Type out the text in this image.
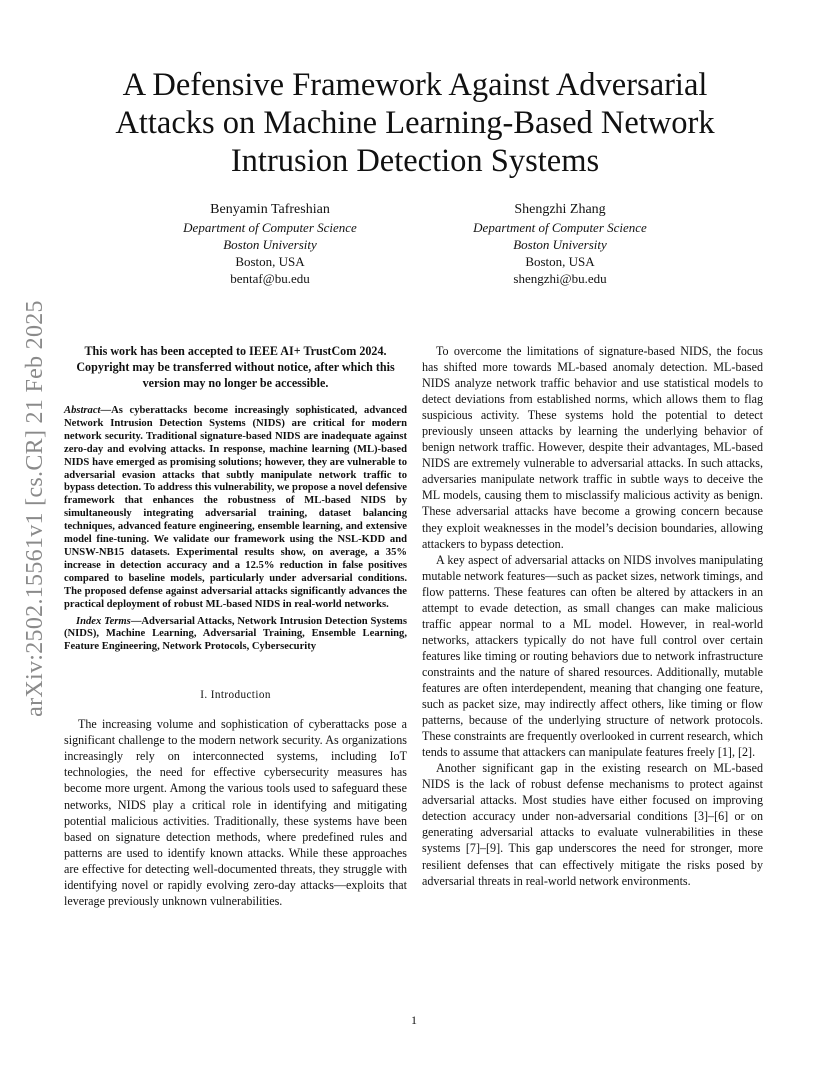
arXiv:2502.15561v1 [cs.CR] 21 Feb 2025
A Defensive Framework Against Adversarial Attacks on Machine Learning-Based Network Intrusion Detection Systems
Benyamin Tafreshian
Department of Computer Science
Boston University
Boston, USA
bentaf@bu.edu
Shengzhi Zhang
Department of Computer Science
Boston University
Boston, USA
shengzhi@bu.edu
This work has been accepted to IEEE AI+ TrustCom 2024. Copyright may be transferred without notice, after which this version may no longer be accessible.

Abstract—As cyberattacks become increasingly sophisticated, advanced Network Intrusion Detection Systems (NIDS) are critical for modern network security. Traditional signature-based NIDS are inadequate against zero-day and evolving attacks. In response, machine learning (ML)-based NIDS have emerged as promising solutions; however, they are vulnerable to adversarial evasion attacks that subtly manipulate network traffic to bypass detection. To address this vulnerability, we propose a novel defensive framework that enhances the robustness of ML-based NIDS by simultaneously integrating adversarial training, dataset balancing techniques, advanced feature engineering, ensemble learning, and extensive model fine-tuning. We validate our framework using the NSL-KDD and UNSW-NB15 datasets. Experimental results show, on average, a 35% increase in detection accuracy and a 12.5% reduction in false positives compared to baseline models, particularly under adversarial conditions. The proposed defense against adversarial attacks significantly advances the practical deployment of robust ML-based NIDS in real-world networks.

Index Terms—Adversarial Attacks, Network Intrusion Detection Systems (NIDS), Machine Learning, Adversarial Training, Ensemble Learning, Feature Engineering, Network Protocols, Cybersecurity

I. Introduction

The increasing volume and sophistication of cyberattacks pose a significant challenge to the modern network security. As organizations increasingly rely on interconnected systems, including IoT technologies, the need for effective cybersecurity measures has become more urgent. Among the various tools used to safeguard these networks, NIDS play a critical role in identifying and mitigating potential malicious activities. Traditionally, these systems have been based on signature detection methods, where predefined rules and patterns are used to identify known attacks. While these approaches are effective for detecting well-documented threats, they struggle with identifying novel or rapidly evolving zero-day attacks—exploits that leverage previously unknown vulnerabilities.

To overcome the limitations of signature-based NIDS, the focus has shifted more towards ML-based anomaly detection. ML-based NIDS analyze network traffic behavior and use statistical models to detect deviations from established norms, which allows them to flag suspicious activity. These systems hold the potential to detect previously unseen attacks by learning the underlying behavior of benign network traffic. However, despite their advantages, ML-based NIDS are extremely vulnerable to adversarial attacks. In such attacks, adversaries manipulate network traffic in subtle ways to deceive the ML models, causing them to misclassify malicious activity as benign. These adversarial attacks have become a growing concern because they exploit weaknesses in the model’s decision boundaries, allowing attackers to bypass detection.

A key aspect of adversarial attacks on NIDS involves manipulating mutable network features—such as packet sizes, network timings, and flow patterns. These features can often be altered by attackers in an attempt to evade detection, as small changes can make malicious traffic appear normal to a ML model. However, in real-world networks, attackers typically do not have full control over certain features like timing or routing behaviors due to network infrastructure constraints and the nature of shared resources. Additionally, mutable features are often interdependent, meaning that changing one feature, such as packet size, may indirectly affect others, like timing or flow patterns, because of the underlying structure of network protocols. These constraints are frequently overlooked in current research, which tends to assume that attackers can manipulate features freely [1], [2].

Another significant gap in the existing research on ML-based NIDS is the lack of robust defense mechanisms to protect against adversarial attacks. Most studies have either focused on improving detection accuracy under non-adversarial conditions [3]–[6] or on generating adversarial attacks to evaluate vulnerabilities in these systems [7]–[9]. This gap underscores the need for stronger, more resilient defenses that can effectively mitigate the risks posed by adversarial threats in real-world network environments.

1
